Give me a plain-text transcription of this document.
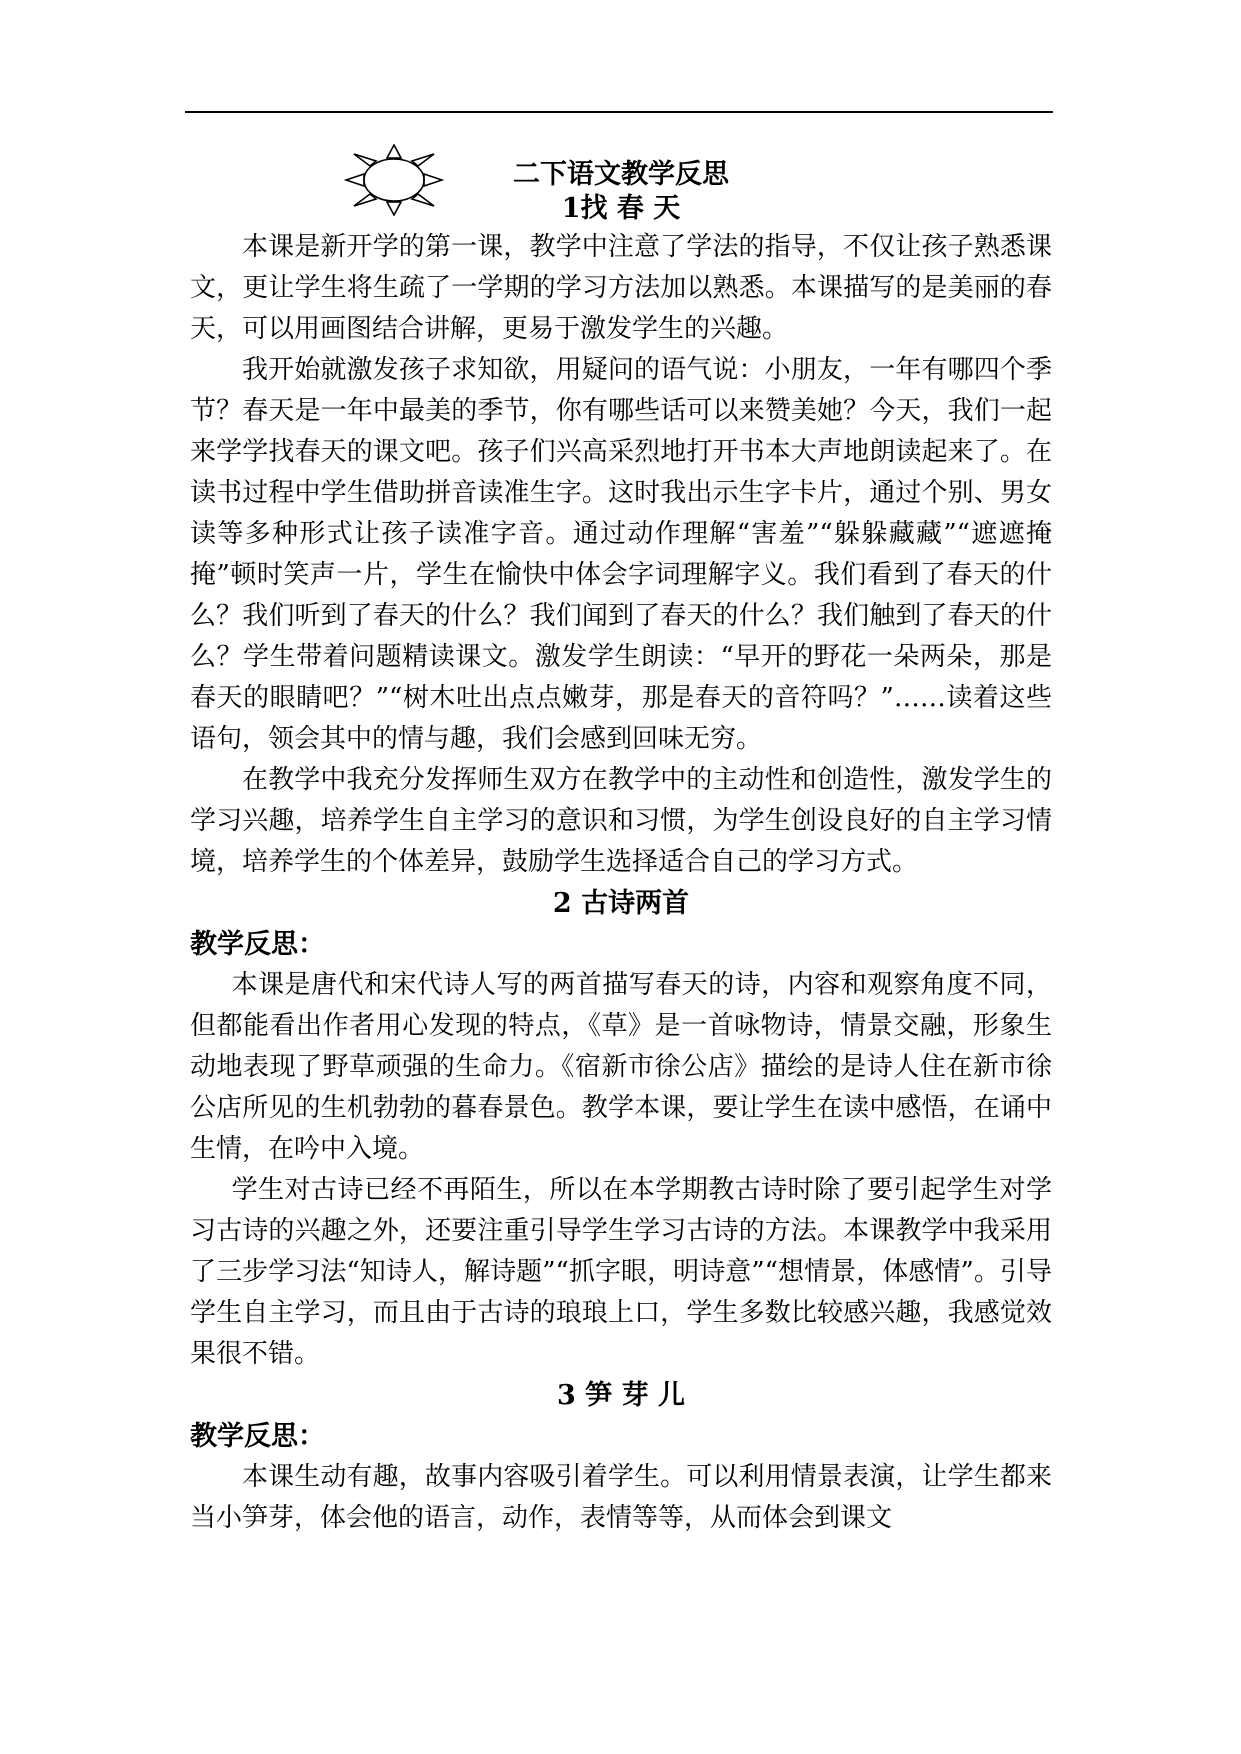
二下语文教学反思
1找 春 天

本课是新开学的第一课，教学中注意了学法的指导，不仅让孩子熟悉课文，更让学生将生疏了一学期的学习方法加以熟悉。本课描写的是美丽的春天，可以用画图结合讲解，更易于激发学生的兴趣。

我开始就激发孩子求知欲，用疑问的语气说：小朋友，一年有哪四个季节？春天是一年中最美的季节，你有哪些话可以来赞美她？今天，我们一起来学学找春天的课文吧。孩子们兴高采烈地打开书本大声地朗读起来了。在读书过程中学生借助拼音读准生字。这时我出示生字卡片，通过个别、男女读等多种形式让孩子读准字音。通过动作理解“害羞”“躲躲藏藏”“遮遮掩掩”顿时笑声一片，学生在愉快中体会字词理解字义。我们看到了春天的什么？我们听到了春天的什么？我们闻到了春天的什么？我们触到了春天的什么？学生带着问题精读课文。激发学生朗读：“早开的野花一朵两朵，那是春天的眼睛吧？”“树木吐出点点嫩芽，那是春天的音符吗？”……读着这些语句，领会其中的情与趣，我们会感到回味无穷。

在教学中我充分发挥师生双方在教学中的主动性和创造性，激发学生的学习兴趣，培养学生自主学习的意识和习惯，为学生创设良好的自主学习情境，培养学生的个体差异，鼓励学生选择适合自己的学习方式。

2 古诗两首
教学反思：

本课是唐代和宋代诗人写的两首描写春天的诗，内容和观察角度不同，但都能看出作者用心发现的特点，《草》是一首咏物诗，情景交融，形象生动地表现了野草顽强的生命力。《宿新市徐公店》描绘的是诗人住在新市徐公店所见的生机勃勃的暮春景色。教学本课，要让学生在读中感悟，在诵中生情，在吟中入境。

学生对古诗已经不再陌生，所以在本学期教古诗时除了要引起学生对学习古诗的兴趣之外，还要注重引导学生学习古诗的方法。本课教学中我采用了三步学习法“知诗人，解诗题”“抓字眼，明诗意”“想情景，体感情”。引导学生自主学习，而且由于古诗的琅琅上口，学生多数比较感兴趣，我感觉效果很不错。

3 笋 芽 儿
教学反思：

本课生动有趣，故事内容吸引着学生。可以利用情景表演，让学生都来当小笋芽，体会他的语言，动作，表情等等，从而体会到课文
